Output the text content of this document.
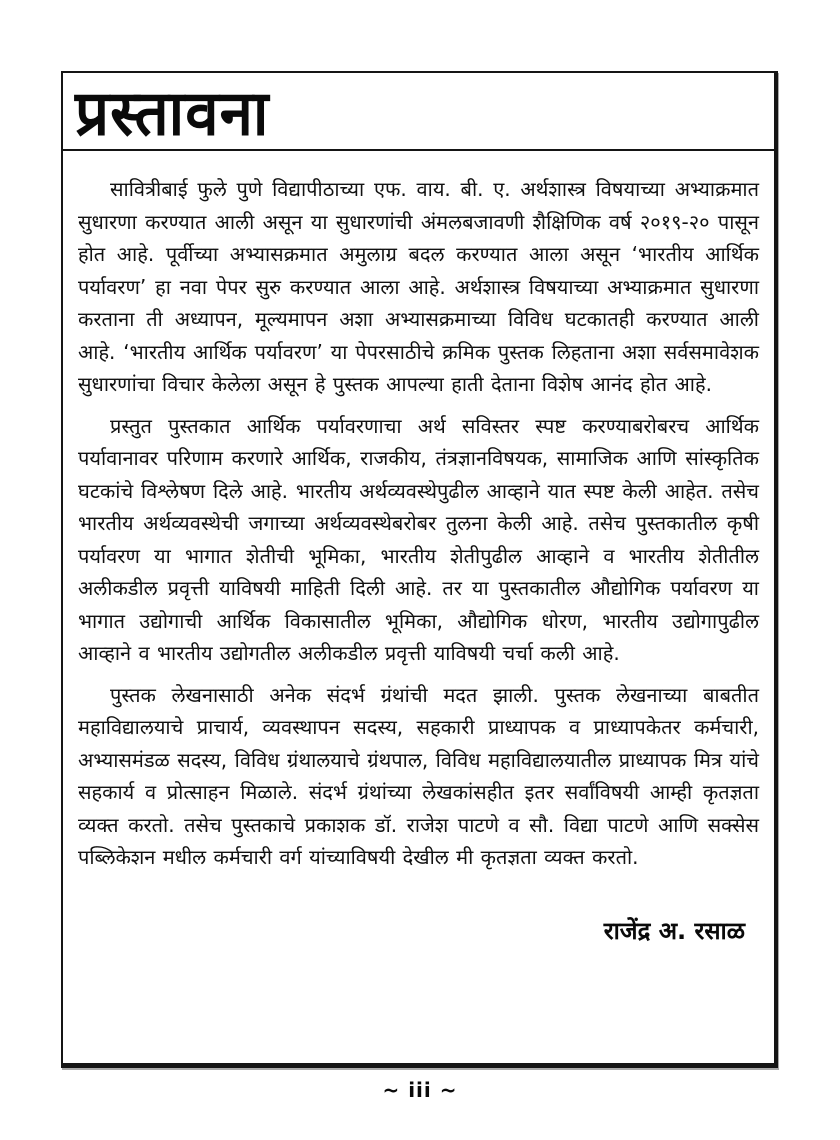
प्रस्तावना

सावित्रीबाई फुले पुणे विद्यापीठाच्या एफ. वाय. बी. ए. अर्थशास्त्र विषयाच्या अभ्याक्रमात सुधारणा करण्यात आली असून या सुधारणांची अंमलबजावणी शैक्षिणिक वर्ष २०१९-२० पासून होत आहे. पूर्वीच्या अभ्यासक्रमात अमुलाग्र बदल करण्यात आला असून ‘भारतीय आर्थिक पर्यावरण’ हा नवा पेपर सुरु करण्यात आला आहे. अर्थशास्त्र विषयाच्या अभ्याक्रमात सुधारणा करताना ती अध्यापन, मूल्यमापन अशा अभ्यासक्रमाच्या विविध घटकातही करण्यात आली आहे. ‘भारतीय आर्थिक पर्यावरण’ या पेपरसाठीचे क्रमिक पुस्तक लिहताना अशा सर्वसमावेशक सुधारणांचा विचार केलेला असून हे पुस्तक आपल्या हाती देताना विशेष आनंद होत आहे.

प्रस्तुत पुस्तकात आर्थिक पर्यावरणाचा अर्थ सविस्तर स्पष्ट करण्याबरोबरच आर्थिक पर्यावानावर परिणाम करणारे आर्थिक, राजकीय, तंत्रज्ञानविषयक, सामाजिक आणि सांस्कृतिक घटकांचे विश्लेषण दिले आहे. भारतीय अर्थव्यवस्थेपुढील आव्हाने यात स्पष्ट केली आहेत. तसेच भारतीय अर्थव्यवस्थेची जगाच्या अर्थव्यवस्थेबरोबर तुलना केली आहे. तसेच पुस्तकातील कृषी पर्यावरण या भागात शेतीची भूमिका, भारतीय शेतीपुढील आव्हाने व भारतीय शेतीतील अलीकडील प्रवृत्ती याविषयी माहिती दिली आहे. तर या पुस्तकातील औद्योगिक पर्यावरण या भागात उद्योगाची आर्थिक विकासातील भूमिका, औद्योगिक धोरण, भारतीय उद्योगापुढील आव्हाने व भारतीय उद्योगतील अलीकडील प्रवृत्ती याविषयी चर्चा कली आहे.

पुस्तक लेखनासाठी अनेक संदर्भ ग्रंथांची मदत झाली. पुस्तक लेखनाच्या बाबतीत महाविद्यालयाचे प्राचार्य, व्यवस्थापन सदस्य, सहकारी प्राध्यापक व प्राध्यापकेतर कर्मचारी, अभ्यासमंडळ सदस्य, विविध ग्रंथालयाचे ग्रंथपाल, विविध महाविद्यालयातील प्राध्यापक मित्र यांचे सहकार्य व प्रोत्साहन मिळाले. संदर्भ ग्रंथांच्या लेखकांसहीत इतर सर्वांविषयी आम्ही कृतज्ञता व्यक्त करतो. तसेच पुस्तकाचे प्रकाशक डॉ. राजेश पाटणे व सौ. विद्या पाटणे आणि सक्सेस पब्लिकेशन मधील कर्मचारी वर्ग यांच्याविषयी देखील मी कृतज्ञता व्यक्त करतो.

राजेंद्र अ. रसाळ
~ iii ~
